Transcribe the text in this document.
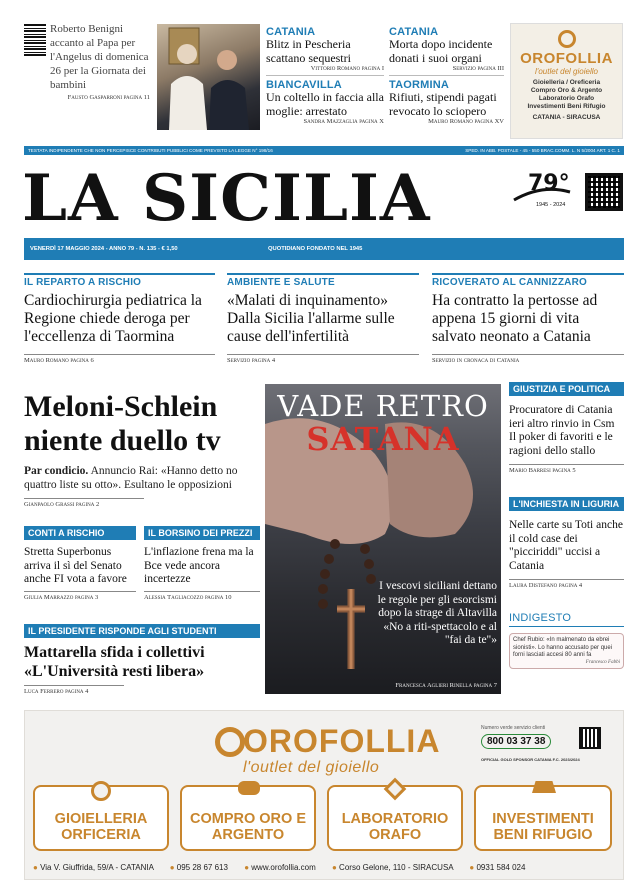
Roberto Benigni accanto al Papa per l'Angelus di domenica 26 per la Giornata dei bambini
Fausto Gasparroni pagina 11
CATANIA
Blitz in Pescheria scattano sequestri
Vittorio Romano pagina I
BIANCAVILLA
Un coltello in faccia alla moglie: arrestato
Sandra Mazzaglia pagina X
CATANIA
Morta dopo incidente donati i suoi organi
Servizio pagina III
TAORMINA
Rifiuti, stipendi pagati revocato lo sciopero
Mauro Romano pagina XV
OROFOLLIA
l'outlet del gioiello
Gioielleria / Oreficeria
Compro Oro & Argento
Laboratorio Orafo
Investimenti Beni Rifugio
CATANIA - SIRACUSA
TESTATA INDIPENDENTE CHE NON PERCEPISCE CONTRIBUTI PUBBLICI COME PREVISTO LA LEGGE N° 198/16	SPED. IN ABB. POSTALE - 45 - 550 BRAC.COMM. L. N 5/2004 ART. 1 C. 1
LA SICILIA	79°
1945 - 2024
VENERDÌ 17 MAGGIO 2024 - ANNO 79 - N. 135 - € 1,50	QUOTIDIANO FONDATO NEL 1945
IL REPARTO A RISCHIO
Cardiochirurgia pediatrica la Regione chiede deroga per l'eccellenza di Taormina
Mauro Romano pagina 6
AMBIENTE E SALUTE
«Malati di inquinamento» Dalla Sicilia l'allarme sulle cause dell'infertilità
Servizio pagina 4
RICOVERATO AL CANNIZZARO
Ha contratto la pertosse ad appena 15 giorni di vita salvato neonato a Catania
Servizio in cronaca di Catania
Meloni-Schlein niente duello tv
Par condicio. Annuncio Rai: «Hanno detto no quattro liste su otto». Esultano le opposizioni
Gianpaolo Grassi pagina 2
CONTI A RISCHIO
Stretta Superbonus arriva il sì del Senato anche FI vota a favore
Giulia Marrazzo pagina 3
IL BORSINO DEI PREZZI
L'inflazione frena ma la Bce vede ancora incertezze
Alessia Tagliacozzo pagina 10
IL PRESIDENTE RISPONDE AGLI STUDENTI
Mattarella sfida i collettivi «L'Università resti libera»
Luca Ferrero pagina 4
VADE RETRO
SATANA
I vescovi siciliani dettano le regole per gli esorcismi dopo la strage di Altavilla «No a riti-spettacolo e al "fai da te"»
Francesca Aglieri Rinella pagina 7
GIUSTIZIA E POLITICA
Procuratore di Catania ieri altro rinvio in Csm Il poker di favoriti e le ragioni dello stallo
Mario Barresi pagina 5
L'INCHIESTA IN LIGURIA
Nelle carte su Toti anche il cold case dei "picciriddi" uccisi a Catania
Laura Distefano pagina 4
INDIGESTO
Chef Rubio: «In malmenato da ebrei sionisti». Lo hanno accusato per quei forni lasciati accesi 80 anni fa
Francesco Fabbi
OROFOLLIA
l'outlet del gioiello
Numero verde servizio clienti
800 03 37 38
OFFICIAL GOLD SPONSOR CATANIA F.C. 2023/2024
GIOIELLERIA ORFICERIA
COMPRO ORO E ARGENTO
LABORATORIO ORAFO
INVESTIMENTI BENI RIFUGIO
● Via V. Giuffrida, 59/A - CATANIA ● 095 28 67 613 ● www.orofollia.com ● Corso Gelone, 110 - SIRACUSA ● 0931 584 024
